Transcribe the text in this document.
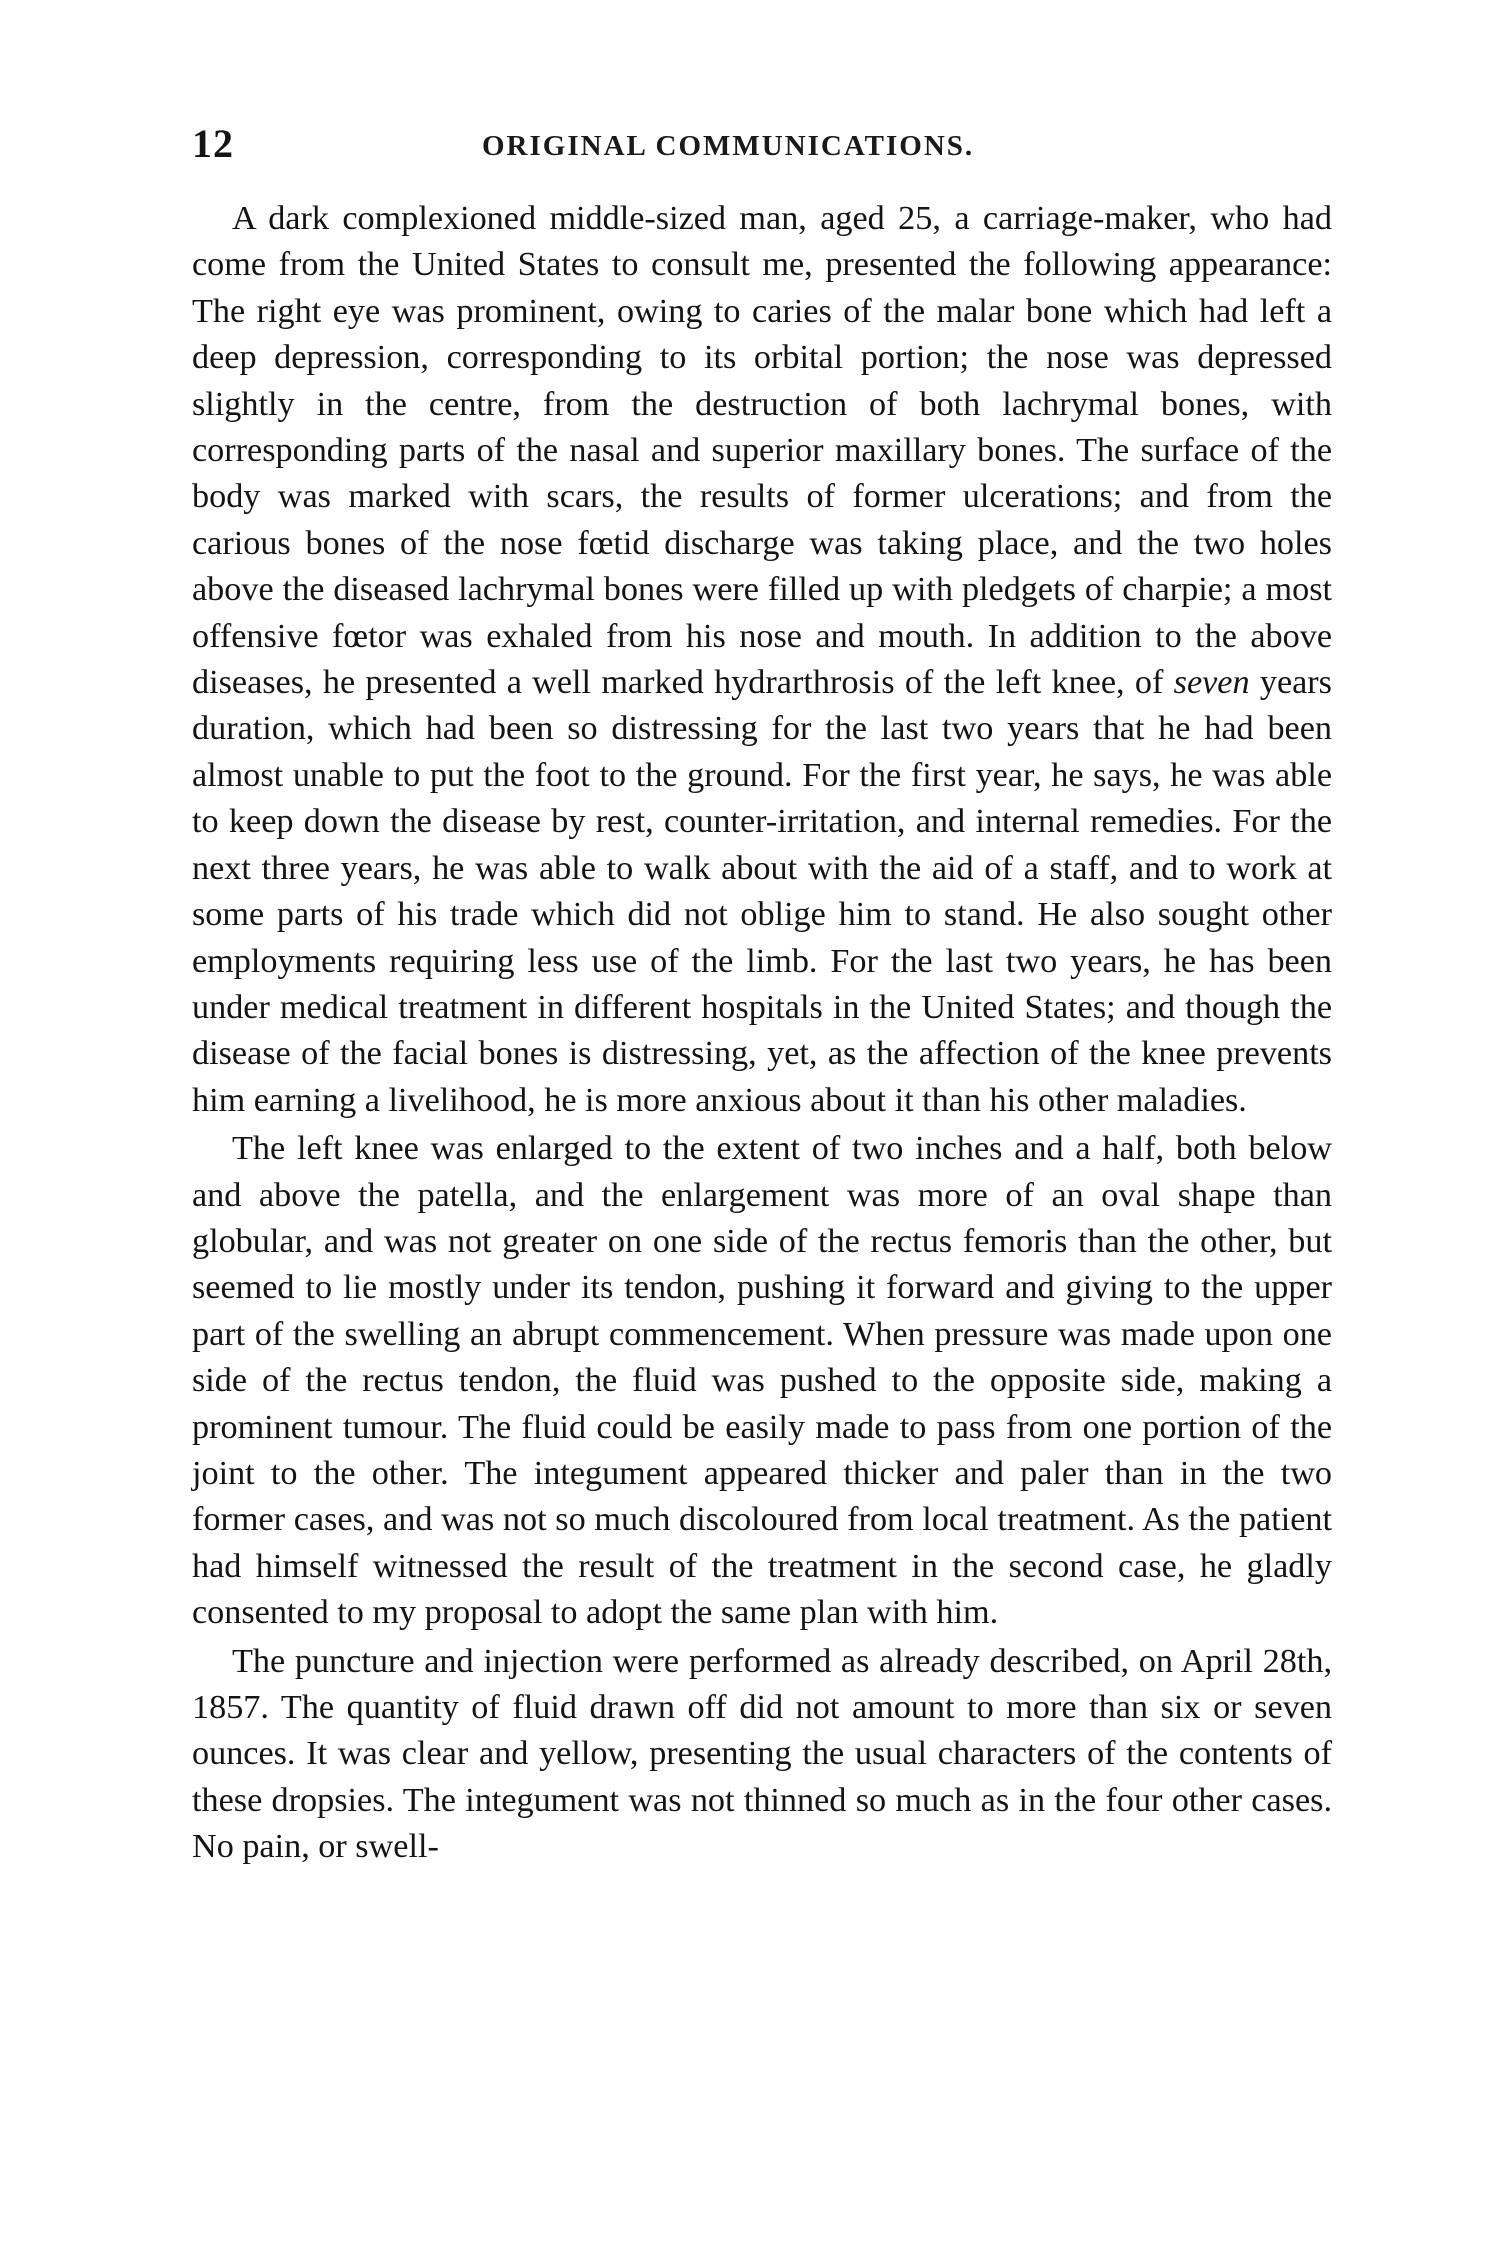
12	ORIGINAL COMMUNICATIONS.

A dark complexioned middle-sized man, aged 25, a carriage-maker, who had come from the United States to consult me, presented the following appearance: The right eye was prominent, owing to caries of the malar bone which had left a deep depression, corresponding to its orbital portion; the nose was depressed slightly in the centre, from the destruction of both lachrymal bones, with corresponding parts of the nasal and superior maxillary bones. The surface of the body was marked with scars, the results of former ulcerations; and from the carious bones of the nose fœtid discharge was taking place, and the two holes above the diseased lachrymal bones were filled up with pledgets of charpie; a most offensive fœtor was exhaled from his nose and mouth. In addition to the above diseases, he presented a well marked hydrarthrosis of the left knee, of seven years duration, which had been so distressing for the last two years that he had been almost unable to put the foot to the ground. For the first year, he says, he was able to keep down the disease by rest, counter-irritation, and internal remedies. For the next three years, he was able to walk about with the aid of a staff, and to work at some parts of his trade which did not oblige him to stand. He also sought other employments requiring less use of the limb. For the last two years, he has been under medical treatment in different hospitals in the United States; and though the disease of the facial bones is distressing, yet, as the affection of the knee prevents him earning a livelihood, he is more anxious about it than his other maladies.

The left knee was enlarged to the extent of two inches and a half, both below and above the patella, and the enlargement was more of an oval shape than globular, and was not greater on one side of the rectus femoris than the other, but seemed to lie mostly under its tendon, pushing it forward and giving to the upper part of the swelling an abrupt commencement. When pressure was made upon one side of the rectus tendon, the fluid was pushed to the opposite side, making a prominent tumour. The fluid could be easily made to pass from one portion of the joint to the other. The integument appeared thicker and paler than in the two former cases, and was not so much discoloured from local treatment. As the patient had himself witnessed the result of the treatment in the second case, he gladly consented to my proposal to adopt the same plan with him.

The puncture and injection were performed as already described, on April 28th, 1857. The quantity of fluid drawn off did not amount to more than six or seven ounces. It was clear and yellow, presenting the usual characters of the contents of these dropsies. The integument was not thinned so much as in the four other cases. No pain, or swell-
